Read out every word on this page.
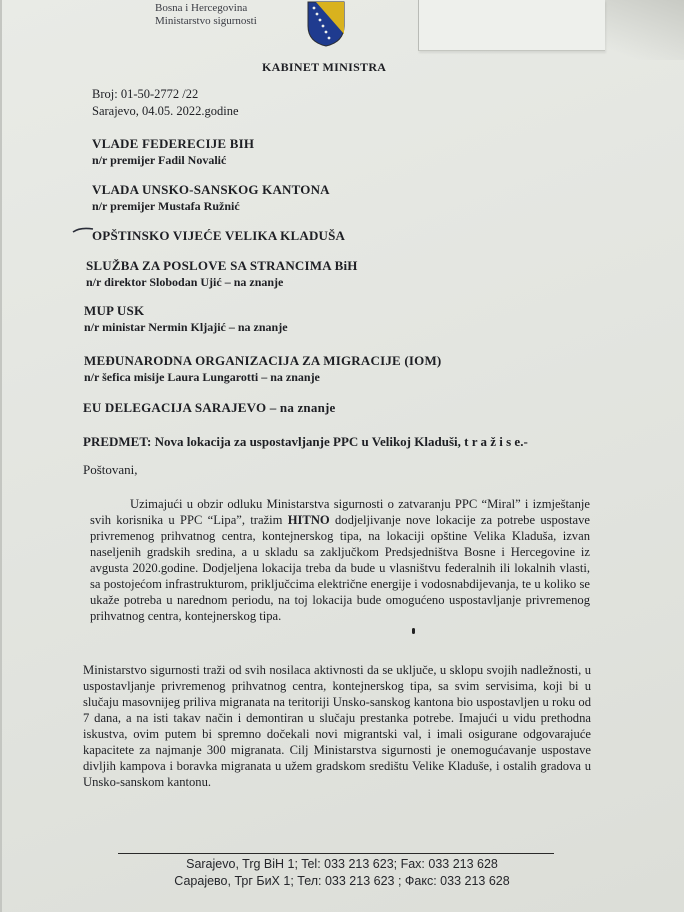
Bosna i Hercegovina
Ministarstvo sigurnosti
KABINET MINISTRA
Broj: 01-50-2772 /22
Sarajevo, 04.05. 2022.godine
VLADE FEDERECIJE BIH
n/r premijer Fadil Novalić
VLADA UNSKO-SANSKOG KANTONA
n/r premijer Mustafa Ružnić
OPŠTINSKO VIJEĆE VELIKA KLADUŠA
SLUŽBA ZA POSLOVE SA STRANCIMA BiH
n/r direktor Slobodan Ujić – na znanje
MUP USK
n/r ministar Nermin Kljajić – na znanje
MEĐUNARODNA ORGANIZACIJA ZA MIGRACIJE (IOM)
n/r šefica misije Laura Lungarotti – na znanje
EU DELEGACIJA SARAJEVO – na znanje
PREDMET: Nova lokacija za uspostavljanje PPC u Velikoj Kladuši, t r a ž i s e.-
Poštovani,
Uzimajući u obzir odluku Ministarstva sigurnosti o zatvaranju PPC “Miral” i izmještanje svih korisnika u PPC “Lipa”, tražim HITNO dodjeljivanje nove lokacije za potrebe uspostave privremenog prihvatnog centra, kontejnerskog tipa, na lokaciji opštine Velika Kladuša, izvan naseljenih gradskih sredina, a u skladu sa zaključkom Predsjedništva Bosne i Hercegovine iz avgusta 2020.godine. Dodjeljena lokacija treba da bude u vlasništvu federalnih ili lokalnih vlasti, sa postojećom infrastrukturom, priključcima električne energije i vodosnabdijevanja, te u koliko se ukaže potreba u narednom periodu, na toj lokacija bude omogućeno uspostavljanje privremenog prihvatnog centra, kontejnerskog tipa.
Ministarstvo sigurnosti traži od svih nosilaca aktivnosti da se uključe, u sklopu svojih nadležnosti, u uspostavljanje privremenog prihvatnog centra, kontejnerskog tipa, sa svim servisima, koji bi u slučaju masovnijeg priliva migranata na teritoriji Unsko-sanskog kantona bio uspostavljen u roku od 7 dana, a na isti takav način i demontiran u slučaju prestanka potrebe. Imajući u vidu prethodna iskustva, ovim putem bi spremno dočekali novi migrantski val, i imali osigurane odgovarajuće kapacitete za najmanje 300 migranata. Cilj Ministarstva sigurnosti je onemogućavanje uspostave divljih kampova i boravka migranata u užem gradskom središtu Velike Kladuše, i ostalih gradova u Unsko-sanskom kantonu.
Sarajevo, Trg BiH 1; Tel: 033 213 623; Fax: 033 213 628
Сарајево, Трг БиХ 1; Тел: 033 213 623 ; Факс: 033 213 628
